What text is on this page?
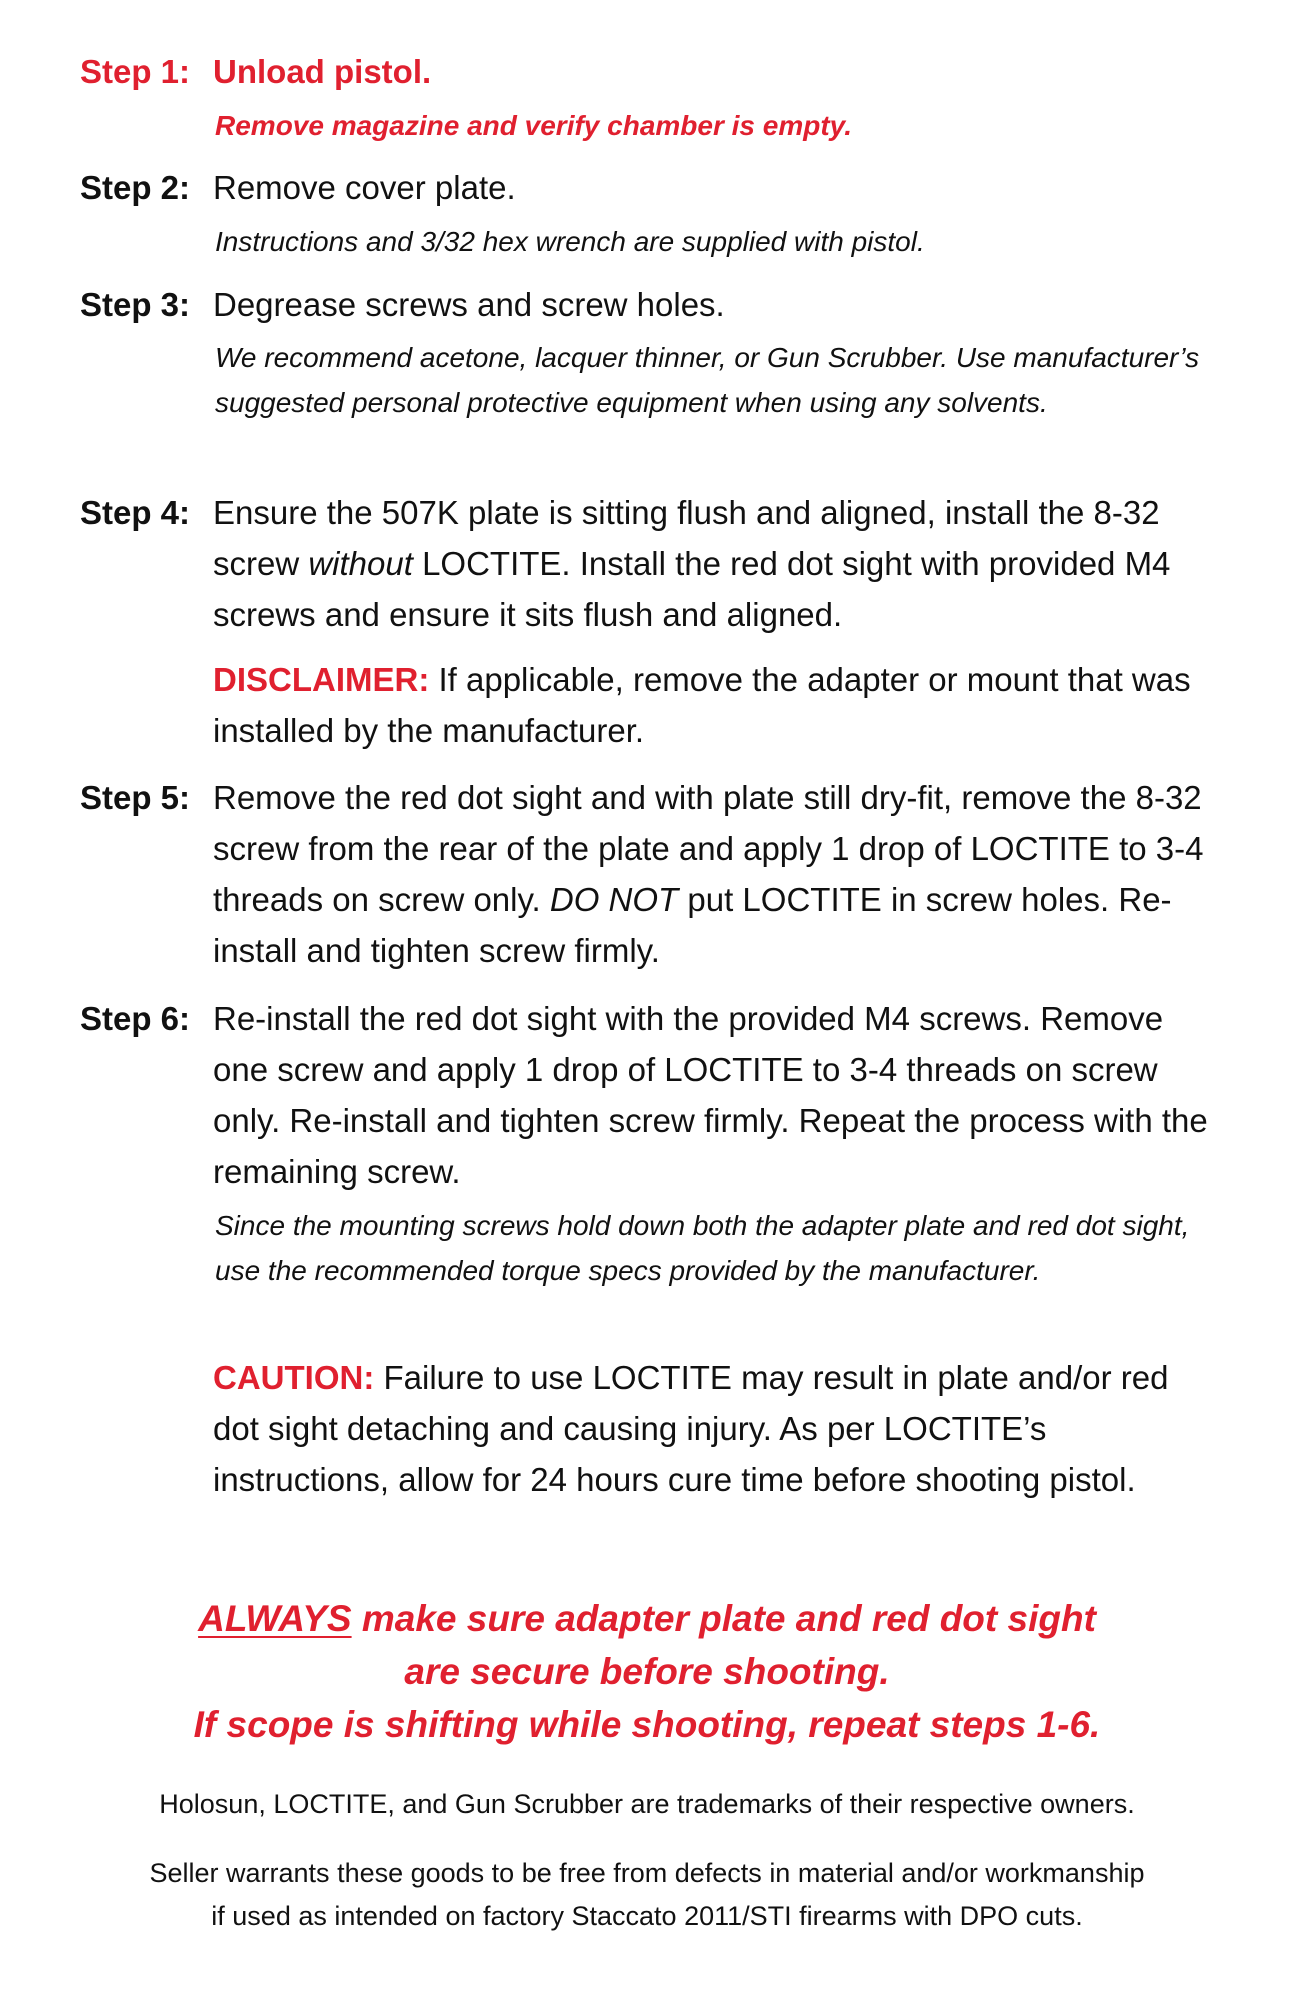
Step 1: Unload pistol.
Remove magazine and verify chamber is empty.
Step 2: Remove cover plate.
Instructions and 3/32 hex wrench are supplied with pistol.
Step 3: Degrease screws and screw holes.
We recommend acetone, lacquer thinner, or Gun Scrubber. Use manufacturer’s suggested personal protective equipment when using any solvents.
Step 4: Ensure the 507K plate is sitting flush and aligned, install the 8-32 screw without LOCTITE. Install the red dot sight with provided M4 screws and ensure it sits flush and aligned.
DISCLAIMER: If applicable, remove the adapter or mount that was installed by the manufacturer.
Step 5: Remove the red dot sight and with plate still dry-fit, remove the 8-32 screw from the rear of the plate and apply 1 drop of LOCTITE to 3-4 threads on screw only. DO NOT put LOCTITE in screw holes. Re-install and tighten screw firmly.
Step 6: Re-install the red dot sight with the provided M4 screws. Remove one screw and apply 1 drop of LOCTITE to 3-4 threads on screw only. Re-install and tighten screw firmly. Repeat the process with the remaining screw.
Since the mounting screws hold down both the adapter plate and red dot sight, use the recommended torque specs provided by the manufacturer.
CAUTION: Failure to use LOCTITE may result in plate and/or red dot sight detaching and causing injury. As per LOCTITE’s instructions, allow for 24 hours cure time before shooting pistol.
ALWAYS make sure adapter plate and red dot sight
are secure before shooting.
If scope is shifting while shooting, repeat steps 1-6.
Holosun, LOCTITE, and Gun Scrubber are trademarks of their respective owners.
Seller warrants these goods to be free from defects in material and/or workmanship
if used as intended on factory Staccato 2011/STI firearms with DPO cuts.
